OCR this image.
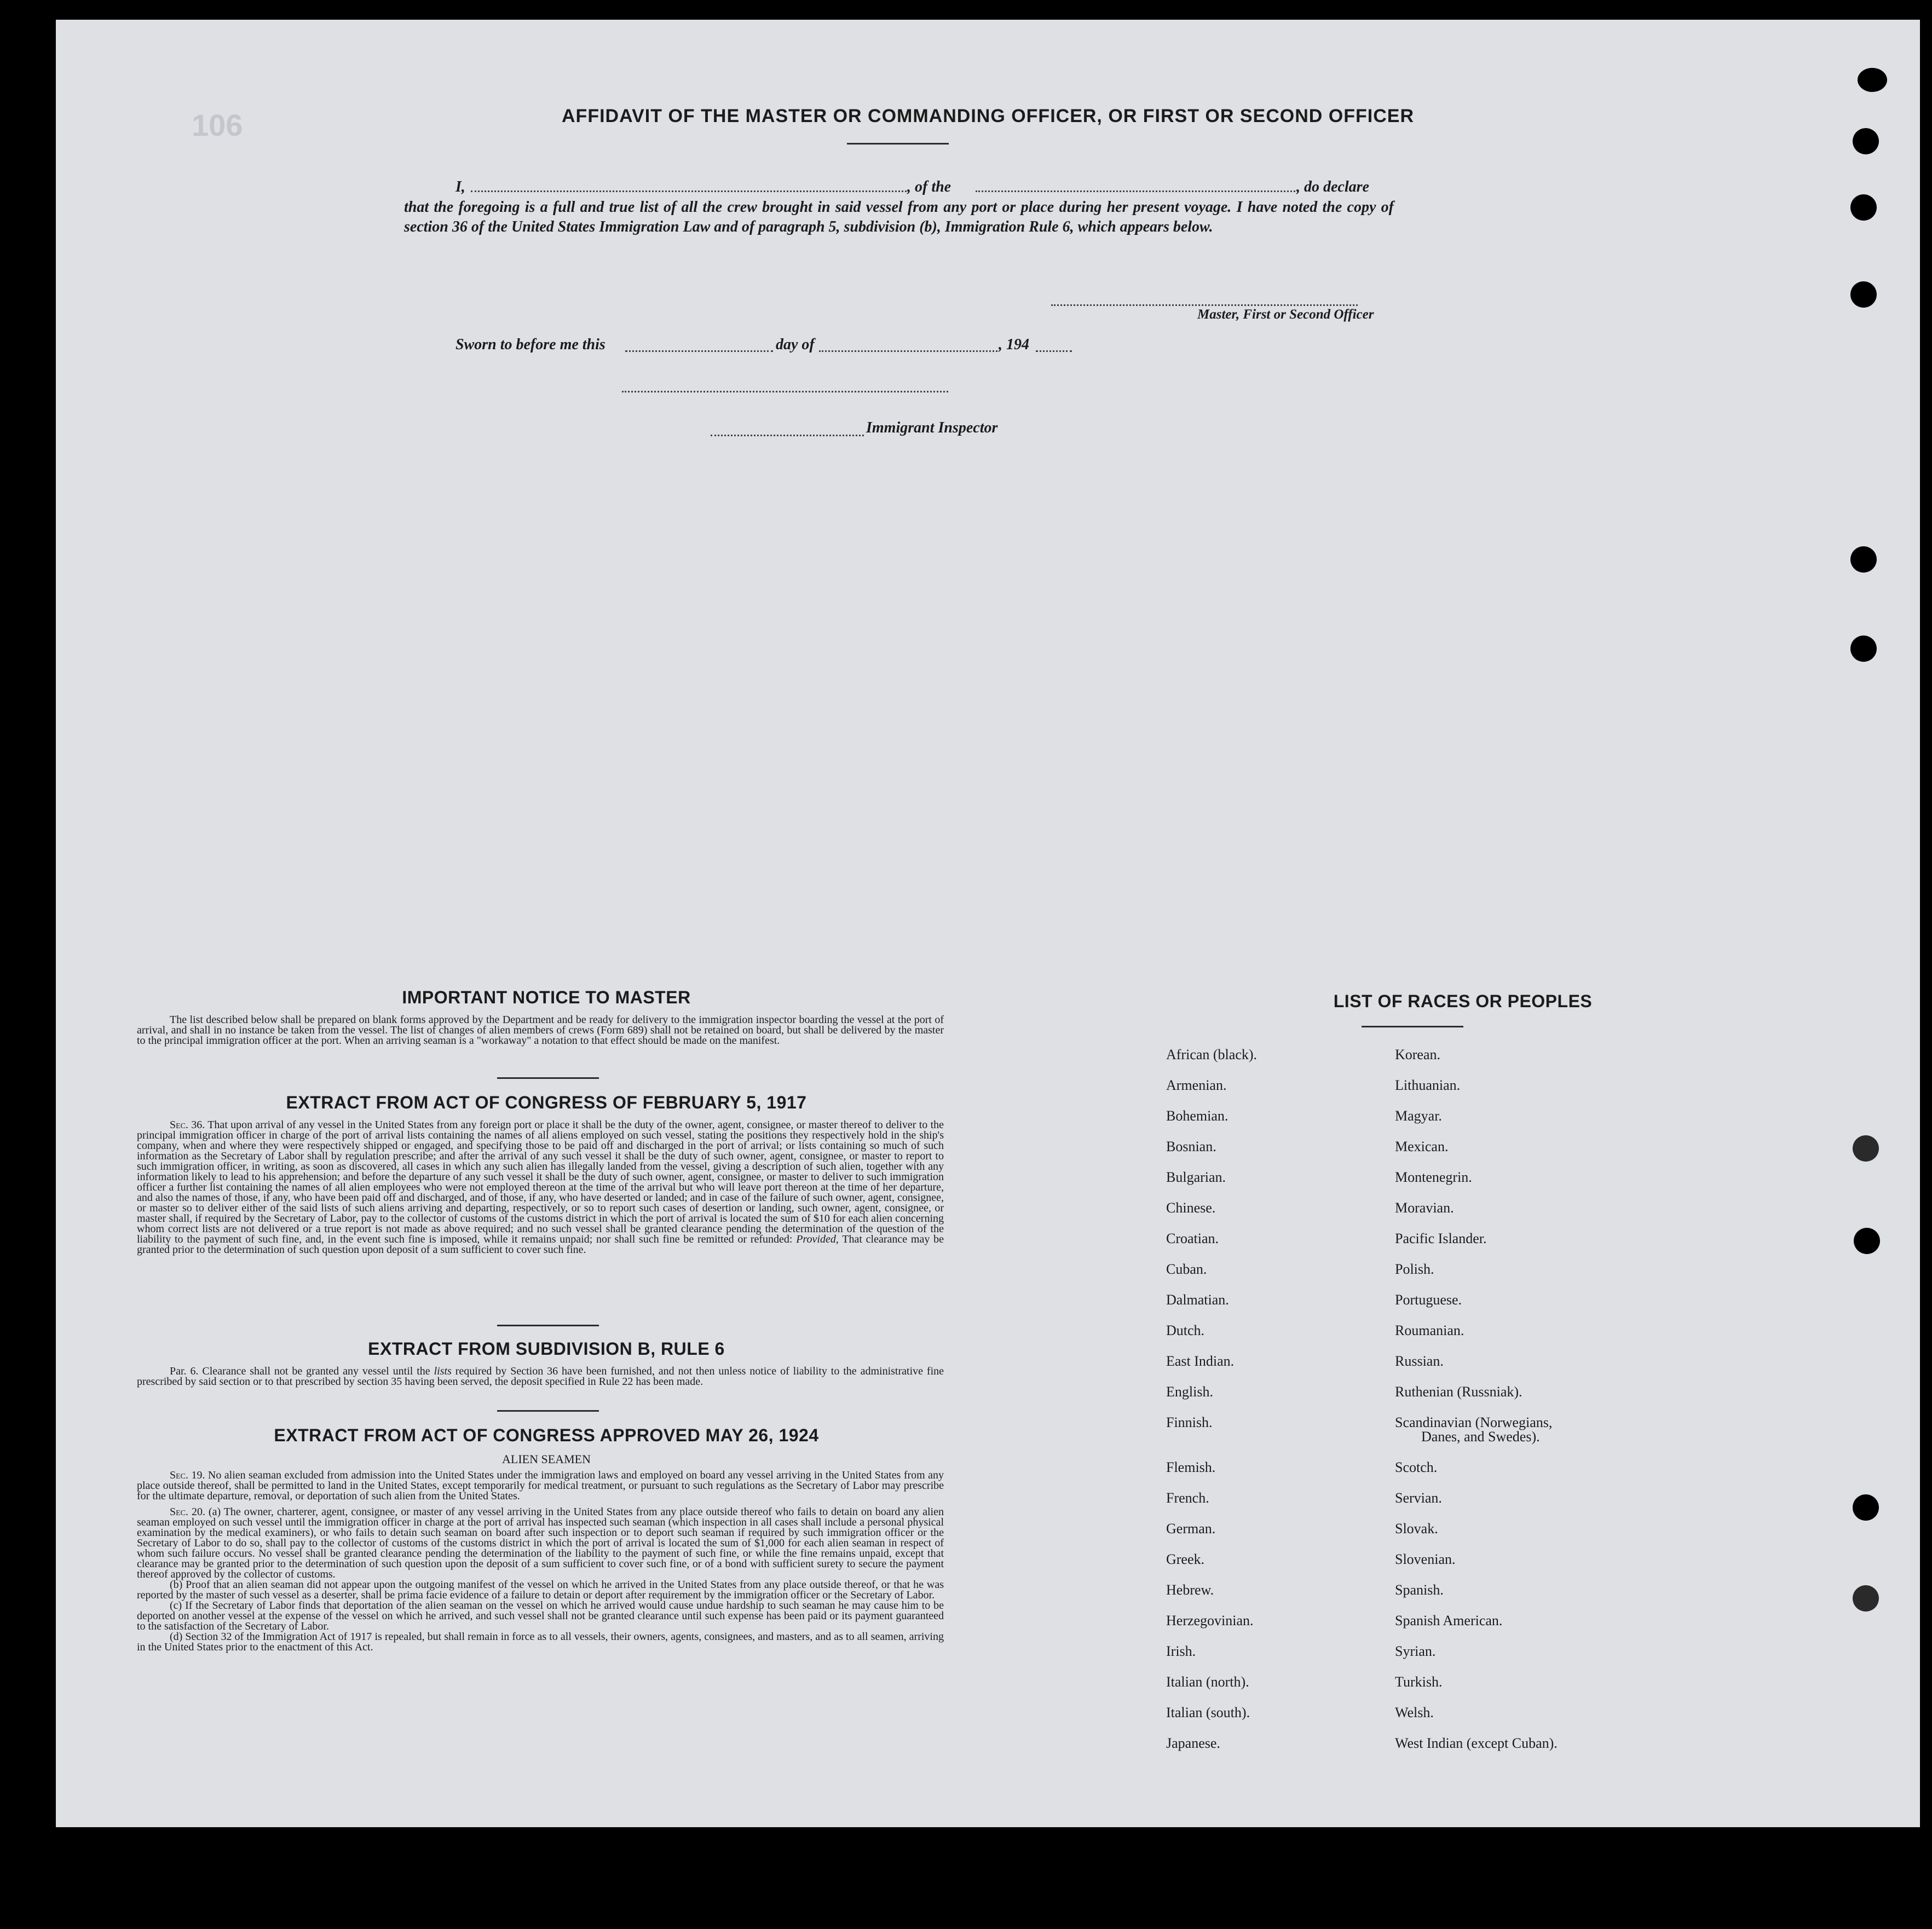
106	AFFIDAVIT OF THE MASTER OR COMMANDING OFFICER, OR FIRST OR SECOND OFFICER
I,	, of the	, do declare
that the foregoing is a full and true list of all the crew brought in said vessel from any port or place during her present voyage. I have noted the copy of section 36 of the United States Immigration Law and of paragraph 5, subdivision (b), Immigration Rule 6, which appears below.
Master, First or Second Officer
Sworn to before me this	day of	, 194
Immigrant Inspector
IMPORTANT NOTICE TO MASTER

The list described below shall be prepared on blank forms approved by the Department and be ready for delivery to the immigration inspector boarding the vessel at the port of arrival, and shall in no instance be taken from the vessel. The list of changes of alien members of crews (Form 689) shall not be retained on board, but shall be delivered by the master to the principal immigration officer at the port. When an arriving seaman is a "workaway" a notation to that effect should be made on the manifest.

EXTRACT FROM ACT OF CONGRESS OF FEBRUARY 5, 1917

Sec. 36. That upon arrival of any vessel in the United States from any foreign port or place it shall be the duty of the owner, agent, consignee, or master thereof to deliver to the principal immigration officer in charge of the port of arrival lists containing the names of all aliens employed on such vessel, stating the positions they respectively hold in the ship's company, when and where they were respectively shipped or engaged, and specifying those to be paid off and discharged in the port of arrival; or lists containing so much of such information as the Secretary of Labor shall by regulation prescribe; and after the arrival of any such vessel it shall be the duty of such owner, agent, consignee, or master to report to such immigration officer, in writing, as soon as discovered, all cases in which any such alien has illegally landed from the vessel, giving a description of such alien, together with any information likely to lead to his apprehension; and before the departure of any such vessel it shall be the duty of such owner, agent, consignee, or master to deliver to such immigration officer a further list containing the names of all alien employees who were not employed thereon at the time of the arrival but who will leave port thereon at the time of her departure, and also the names of those, if any, who have been paid off and discharged, and of those, if any, who have deserted or landed; and in case of the failure of such owner, agent, consignee, or master so to deliver either of the said lists of such aliens arriving and departing, respectively, or so to report such cases of desertion or landing, such owner, agent, consignee, or master shall, if required by the Secretary of Labor, pay to the collector of customs of the customs district in which the port of arrival is located the sum of $10 for each alien concerning whom correct lists are not delivered or a true report is not made as above required; and no such vessel shall be granted clearance pending the determination of the question of the liability to the payment of such fine, and, in the event such fine is imposed, while it remains unpaid; nor shall such fine be remitted or refunded: Provided, That clearance may be granted prior to the determination of such question upon deposit of a sum sufficient to cover such fine.

EXTRACT FROM SUBDIVISION B, RULE 6

Par. 6. Clearance shall not be granted any vessel until the lists required by Section 36 have been furnished, and not then unless notice of liability to the administrative fine prescribed by said section or to that prescribed by section 35 having been served, the deposit specified in Rule 22 has been made.

EXTRACT FROM ACT OF CONGRESS APPROVED MAY 26, 1924
ALIEN SEAMEN

Sec. 19. No alien seaman excluded from admission into the United States under the immigration laws and employed on board any vessel arriving in the United States from any place outside thereof, shall be permitted to land in the United States, except temporarily for medical treatment, or pursuant to such regulations as the Secretary of Labor may prescribe for the ultimate departure, removal, or deportation of such alien from the United States.

Sec. 20. (a) The owner, charterer, agent, consignee, or master of any vessel arriving in the United States from any place outside thereof who fails to detain on board any alien seaman employed on such vessel until the immigration officer in charge at the port of arrival has inspected such seaman (which inspection in all cases shall include a personal physical examination by the medical examiners), or who fails to detain such seaman on board after such inspection or to deport such seaman if required by such immigration officer or the Secretary of Labor to do so, shall pay to the collector of customs of the customs district in which the port of arrival is located the sum of $1,000 for each alien seaman in respect of whom such failure occurs. No vessel shall be granted clearance pending the determination of the liability to the payment of such fine, or while the fine remains unpaid, except that clearance may be granted prior to the determination of such question upon the deposit of a sum sufficient to cover such fine, or of a bond with sufficient surety to secure the payment thereof approved by the collector of customs.

(b) Proof that an alien seaman did not appear upon the outgoing manifest of the vessel on which he arrived in the United States from any place outside thereof, or that he was reported by the master of such vessel as a deserter, shall be prima facie evidence of a failure to detain or deport after requirement by the immigration officer or the Secretary of Labor.

(c) If the Secretary of Labor finds that deportation of the alien seaman on the vessel on which he arrived would cause undue hardship to such seaman he may cause him to be deported on another vessel at the expense of the vessel on which he arrived, and such vessel shall not be granted clearance until such expense has been paid or its payment guaranteed to the satisfaction of the Secretary of Labor.

(d) Section 32 of the Immigration Act of 1917 is repealed, but shall remain in force as to all vessels, their owners, agents, consignees, and masters, and as to all seamen, arriving in the United States prior to the enactment of this Act.

LIST OF RACES OR PEOPLES
African (black).
Armenian.
Bohemian.
Bosnian.
Bulgarian.
Chinese.
Croatian.
Cuban.
Dalmatian.
Dutch.
East Indian.
English.
Finnish.
Flemish.
French.
German.
Greek.
Hebrew.
Herzegovinian.
Irish.
Italian (north).
Italian (south).
Japanese.
Korean.
Lithuanian.
Magyar.
Mexican.
Montenegrin.
Moravian.
Pacific Islander.
Polish.
Portuguese.
Roumanian.
Russian.
Ruthenian (Russniak).
Scandinavian (Norwegians,
Danes, and Swedes).
Scotch.
Servian.
Slovak.
Slovenian.
Spanish.
Spanish American.
Syrian.
Turkish.
Welsh.
West Indian (except Cuban).
